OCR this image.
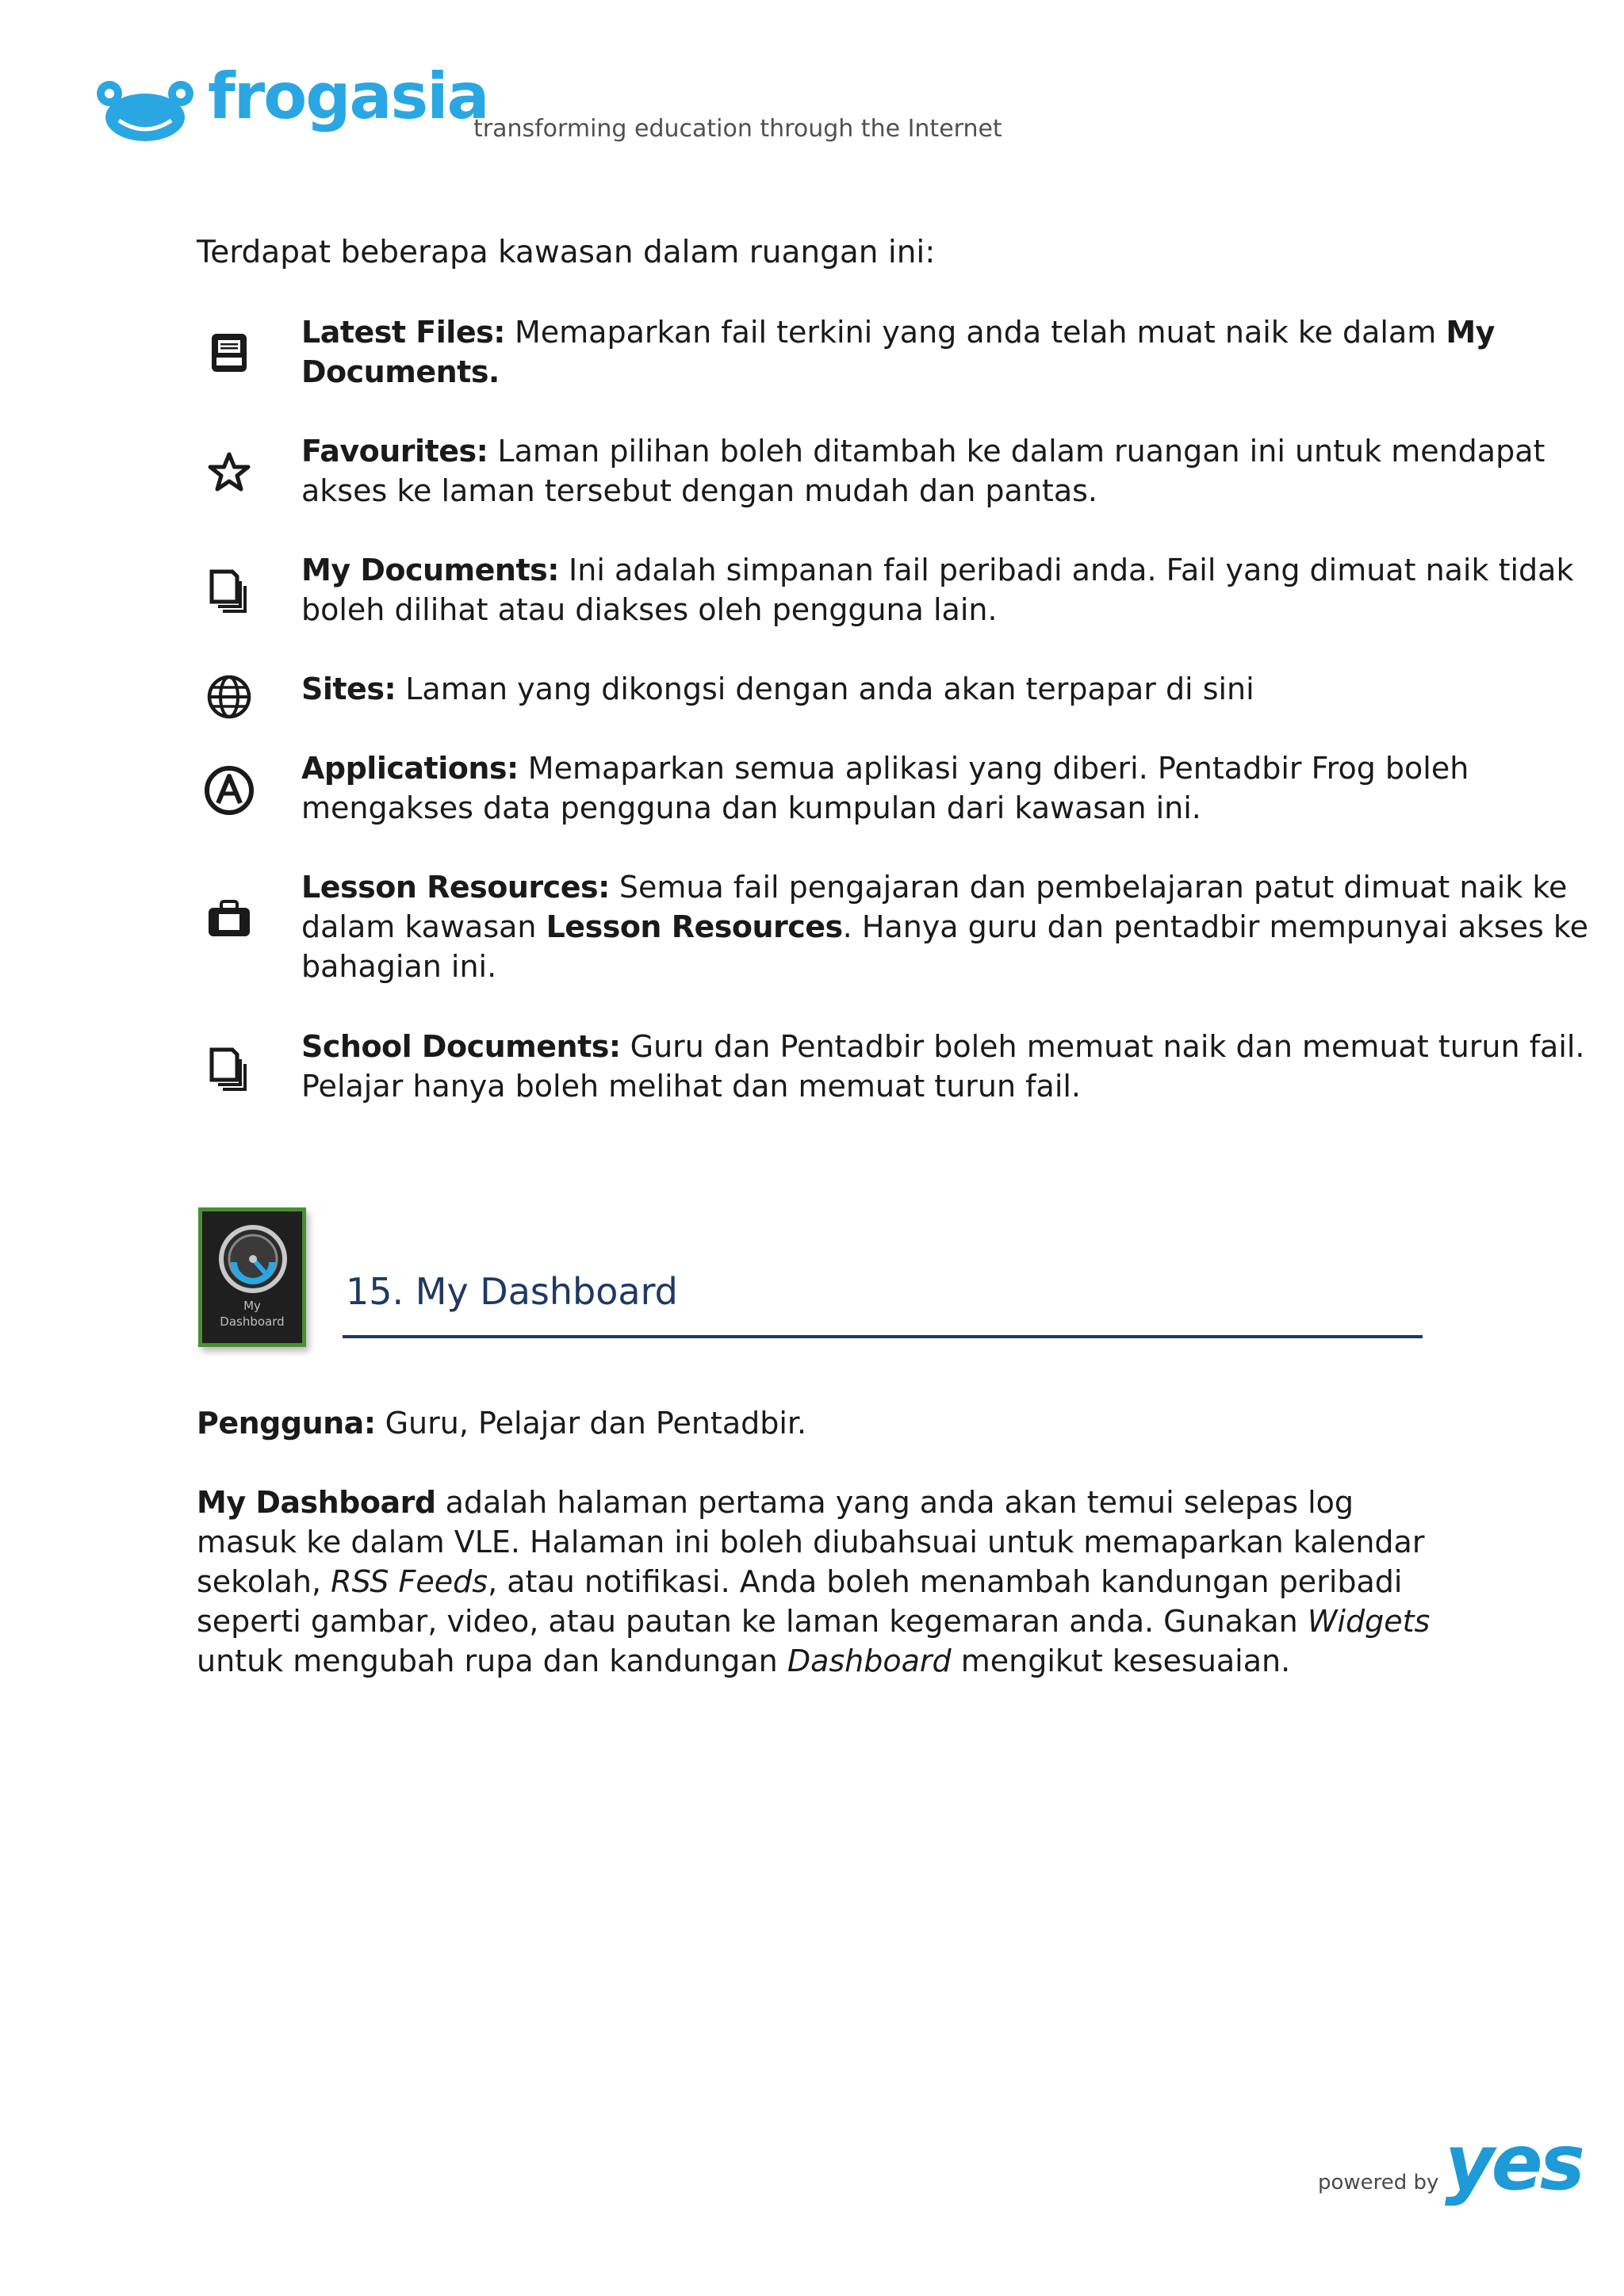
frogasia
transforming education through the Internet
Terdapat beberapa kawasan dalam ruangan ini:
Latest Files: Memaparkan fail terkini yang anda telah muat naik ke dalam My Documents.
Favourites: Laman pilihan boleh ditambah ke dalam ruangan ini untuk mendapat akses ke laman tersebut dengan mudah dan pantas.
My Documents: Ini adalah simpanan fail peribadi anda. Fail yang dimuat naik tidak boleh dilihat atau diakses oleh pengguna lain.
Sites: Laman yang dikongsi dengan anda akan terpapar di sini
Applications: Memaparkan semua aplikasi yang diberi. Pentadbir Frog boleh mengakses data pengguna dan kumpulan dari kawasan ini.
Lesson Resources: Semua fail pengajaran dan pembelajaran patut dimuat naik ke dalam kawasan Lesson Resources. Hanya guru dan pentadbir mempunyai akses ke bahagian ini.
School Documents: Guru dan Pentadbir boleh memuat naik dan memuat turun fail. Pelajar hanya boleh melihat dan memuat turun fail.
My
Dashboard
15. My Dashboard
Pengguna: Guru, Pelajar dan Pentadbir.
My Dashboard adalah halaman pertama yang anda akan temui selepas log masuk ke dalam VLE. Halaman ini boleh diubahsuai untuk memaparkan kalendar sekolah, RSS Feeds, atau notifikasi. Anda boleh menambah kandungan peribadi seperti gambar, video, atau pautan ke laman kegemaran anda. Gunakan Widgets untuk mengubah rupa dan kandungan Dashboard mengikut kesesuaian.
powered by yes
